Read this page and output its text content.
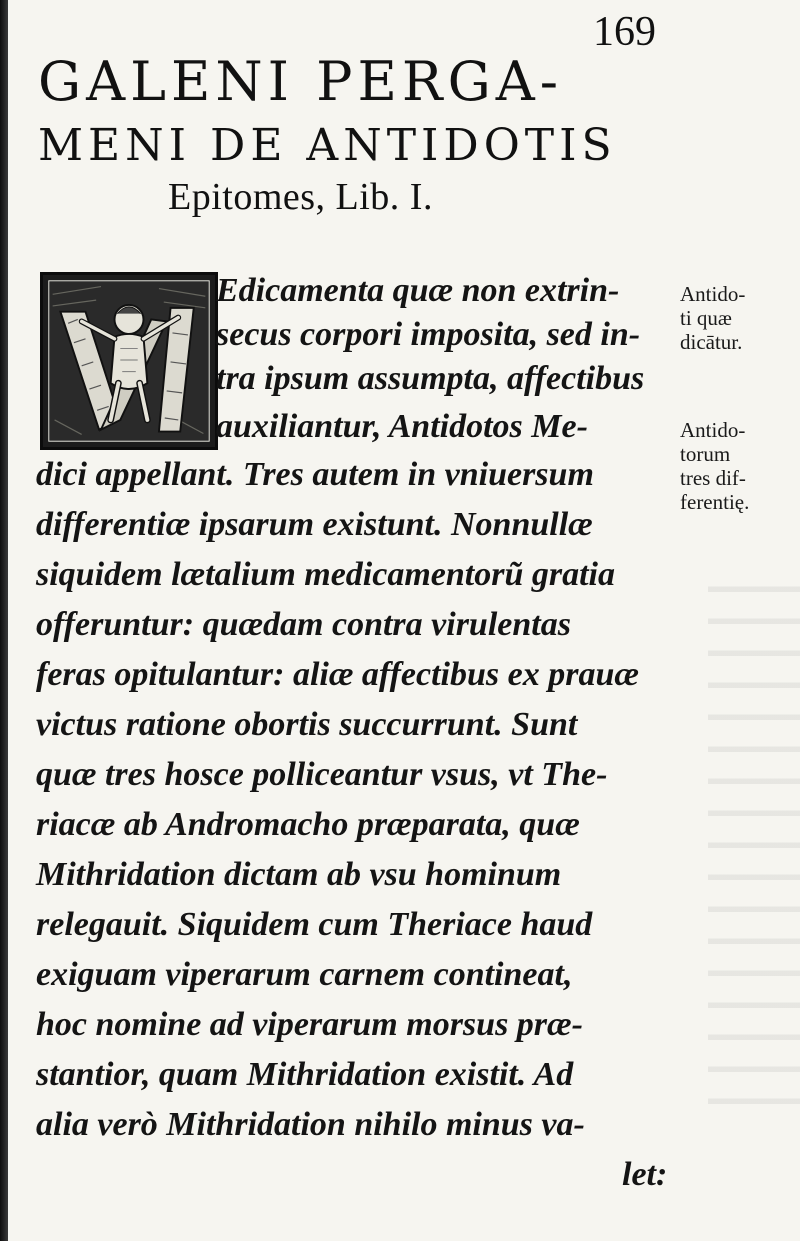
169
GALENI PERGA-
MENI DE ANTIDOTIS
Epitomes, Lib. I.
Edicamenta quæ non extrin-
secus corpori imposita, sed in-
tra ipsum assumpta, affectibus
auxiliantur, Antidotos Me-
dici appellant. Tres autem in vniuersum
differentiæ ipsarum existunt. Nonnullæ
siquidem lætalium medicamentorũ gratia
offeruntur: quædam contra virulentas
feras opitulantur: aliæ affectibus ex prauæ
victus ratione obortis succurrunt. Sunt
quæ tres hosce polliceantur vsus, vt The-
riacæ ab Andromacho præparata, quæ
Mithridation dictam ab vsu hominum
relegauit. Siquidem cum Theriace haud
exiguam viperarum carnem contineat,
hoc nomine ad viperarum morsus præ-
stantior, quam Mithridation existit. Ad
alia verò Mithridation nihilo minus va-
let:
Antido-
ti quæ
dicātur.
Antido-
torum
tres dif-
ferentię.
